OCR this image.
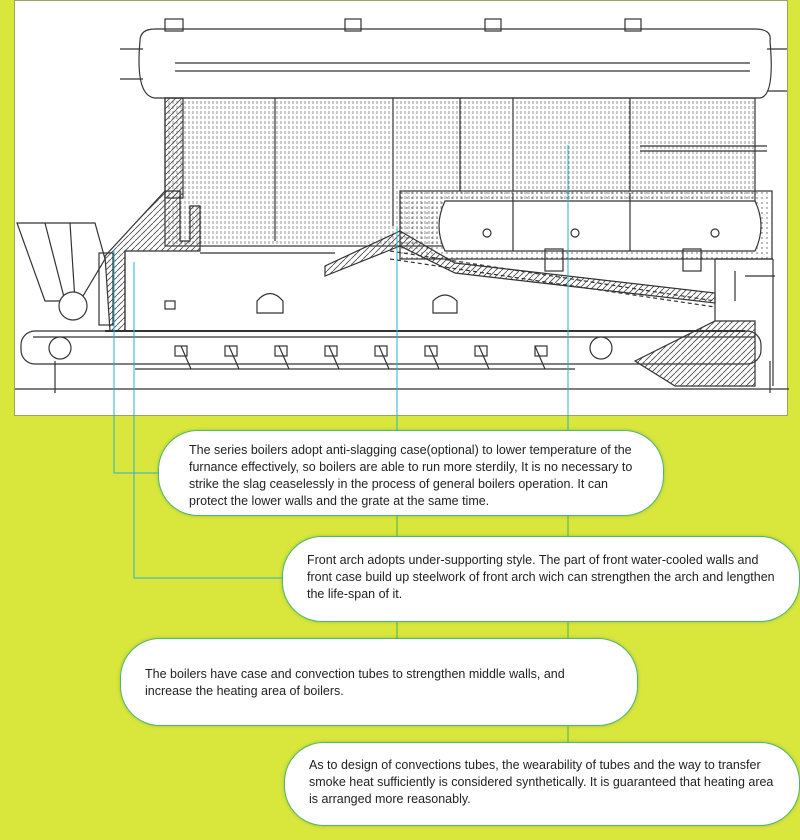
The series boilers adopt anti-slagging case(optional) to lower temperature of the furnance effectively, so boilers are able to run more sterdily, It is no necessary to strike the slag ceaselessly in the process of general boilers operation. It can protect the lower walls and the grate at the same time.

Front arch adopts under-supporting style. The part of front water-cooled walls and front case build up steelwork of front arch wich can strengthen the arch and lengthen the life-span of it.

The boilers have case and convection tubes to strengthen middle walls, and increase the heating area of boilers.

As to design of convections tubes, the wearability of tubes and the way to transfer smoke heat sufficiently is considered synthetically. It is guaranteed that heating area is arranged more reasonably.
